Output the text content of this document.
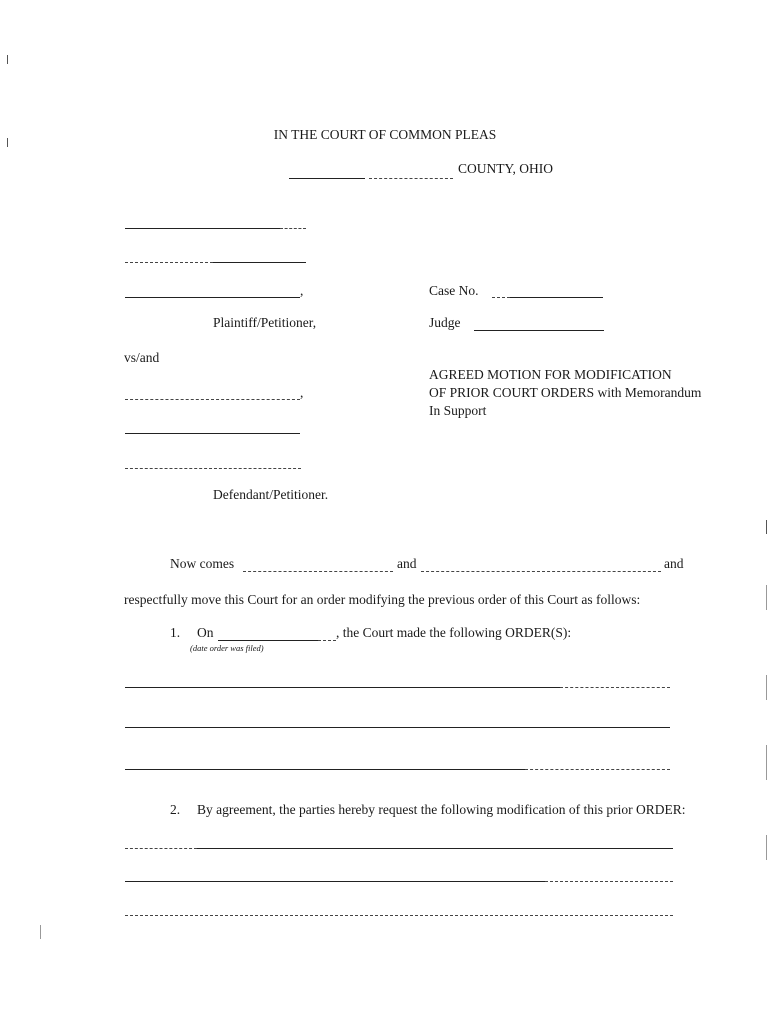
IN THE COURT OF COMMON PLEAS
COUNTY, OHIO
,
Plaintiff/Petitioner,
Case No.
Judge
vs/and
AGREED MOTION FOR MODIFICATION
OF PRIOR COURT ORDERS with Memorandum
In Support
,
Defendant/Petitioner.
Now comes	and	and
respectfully move this Court for an order modifying the previous order of this Court as follows:
1. On	, the Court made the following ORDER(S):
(date order was filed)
2. By agreement, the parties hereby request the following modification of this prior ORDER:
